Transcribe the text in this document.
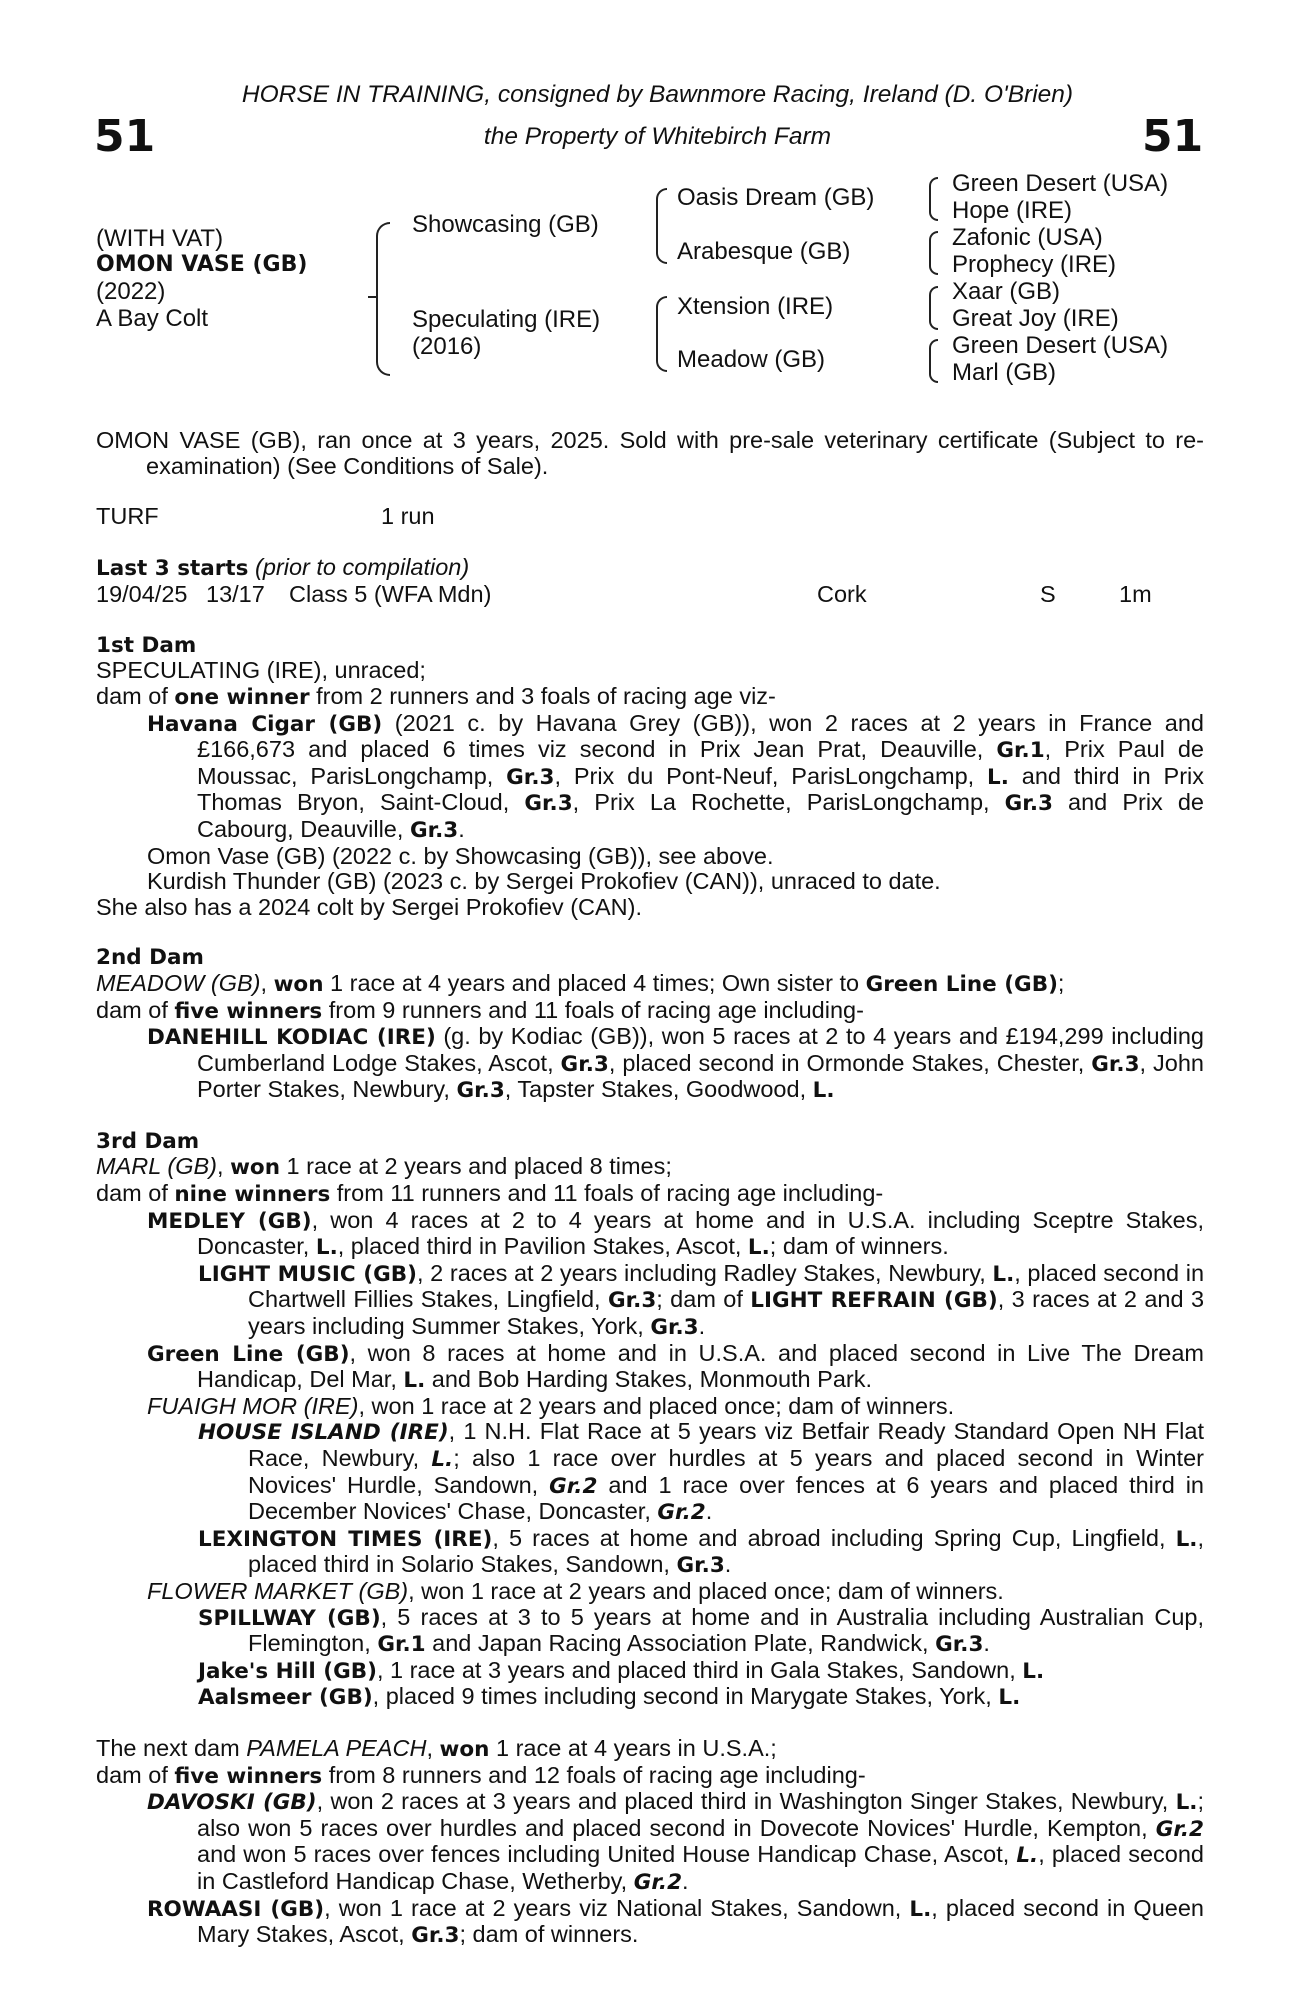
HORSE IN TRAINING, consigned by Bawnmore Racing, Ireland (D. O'Brien)
the Property of Whitebirch Farm
51	51
(WITH VAT)
OMON VASE (GB)
(2022)
A Bay Colt
Showcasing (GB)
Speculating (IRE)
(2016)
Oasis Dream (GB)
Arabesque (GB)
Xtension (IRE)
Meadow (GB)
Green Desert (USA)
Hope (IRE)
Zafonic (USA)
Prophecy (IRE)
Xaar (GB)
Great Joy (IRE)
Green Desert (USA)
Marl (GB)

OMON VASE (GB), ran once at 3 years, 2025. Sold with pre-sale veterinary certificate (Subject to re-examination) (See Conditions of Sale).

TURF	1 run
Last 3 starts (prior to compilation)
19/04/25 13/17 Class 5 (WFA Mdn)	Cork	S	1m
1st Dam
SPECULATING (IRE), unraced;
dam of one winner from 2 runners and 3 foals of racing age viz-
Havana Cigar (GB) (2021 c. by Havana Grey (GB)), won 2 races at 2 years in France and £166,673 and placed 6 times viz second in Prix Jean Prat, Deauville, Gr.1, Prix Paul de Moussac, ParisLongchamp, Gr.3, Prix du Pont-Neuf, ParisLongchamp, L. and third in Prix Thomas Bryon, Saint-Cloud, Gr.3, Prix La Rochette, ParisLongchamp, Gr.3 and Prix de Cabourg, Deauville, Gr.3.
Omon Vase (GB) (2022 c. by Showcasing (GB)), see above.
Kurdish Thunder (GB) (2023 c. by Sergei Prokofiev (CAN)), unraced to date.
She also has a 2024 colt by Sergei Prokofiev (CAN).
2nd Dam
MEADOW (GB), won 1 race at 4 years and placed 4 times; Own sister to Green Line (GB);
dam of five winners from 9 runners and 11 foals of racing age including-
DANEHILL KODIAC (IRE) (g. by Kodiac (GB)), won 5 races at 2 to 4 years and £194,299 including Cumberland Lodge Stakes, Ascot, Gr.3, placed second in Ormonde Stakes, Chester, Gr.3, John Porter Stakes, Newbury, Gr.3, Tapster Stakes, Goodwood, L.
3rd Dam
MARL (GB), won 1 race at 2 years and placed 8 times;
dam of nine winners from 11 runners and 11 foals of racing age including-
MEDLEY (GB), won 4 races at 2 to 4 years at home and in U.S.A. including Sceptre Stakes, Doncaster, L., placed third in Pavilion Stakes, Ascot, L.; dam of winners.
LIGHT MUSIC (GB), 2 races at 2 years including Radley Stakes, Newbury, L., placed second in Chartwell Fillies Stakes, Lingfield, Gr.3; dam of LIGHT REFRAIN (GB), 3 races at 2 and 3 years including Summer Stakes, York, Gr.3.
Green Line (GB), won 8 races at home and in U.S.A. and placed second in Live The Dream Handicap, Del Mar, L. and Bob Harding Stakes, Monmouth Park.
FUAIGH MOR (IRE), won 1 race at 2 years and placed once; dam of winners.
HOUSE ISLAND (IRE), 1 N.H. Flat Race at 5 years viz Betfair Ready Standard Open NH Flat Race, Newbury, L.; also 1 race over hurdles at 5 years and placed second in Winter Novices' Hurdle, Sandown, Gr.2 and 1 race over fences at 6 years and placed third in December Novices' Chase, Doncaster, Gr.2.
LEXINGTON TIMES (IRE), 5 races at home and abroad including Spring Cup, Lingfield, L., placed third in Solario Stakes, Sandown, Gr.3.
FLOWER MARKET (GB), won 1 race at 2 years and placed once; dam of winners.
SPILLWAY (GB), 5 races at 3 to 5 years at home and in Australia including Australian Cup, Flemington, Gr.1 and Japan Racing Association Plate, Randwick, Gr.3.
Jake's Hill (GB), 1 race at 3 years and placed third in Gala Stakes, Sandown, L.
Aalsmeer (GB), placed 9 times including second in Marygate Stakes, York, L.
The next dam PAMELA PEACH, won 1 race at 4 years in U.S.A.;
dam of five winners from 8 runners and 12 foals of racing age including-
DAVOSKI (GB), won 2 races at 3 years and placed third in Washington Singer Stakes, Newbury, L.; also won 5 races over hurdles and placed second in Dovecote Novices' Hurdle, Kempton, Gr.2 and won 5 races over fences including United House Handicap Chase, Ascot, L., placed second in Castleford Handicap Chase, Wetherby, Gr.2.
ROWAASI (GB), won 1 race at 2 years viz National Stakes, Sandown, L., placed second in Queen Mary Stakes, Ascot, Gr.3; dam of winners.
